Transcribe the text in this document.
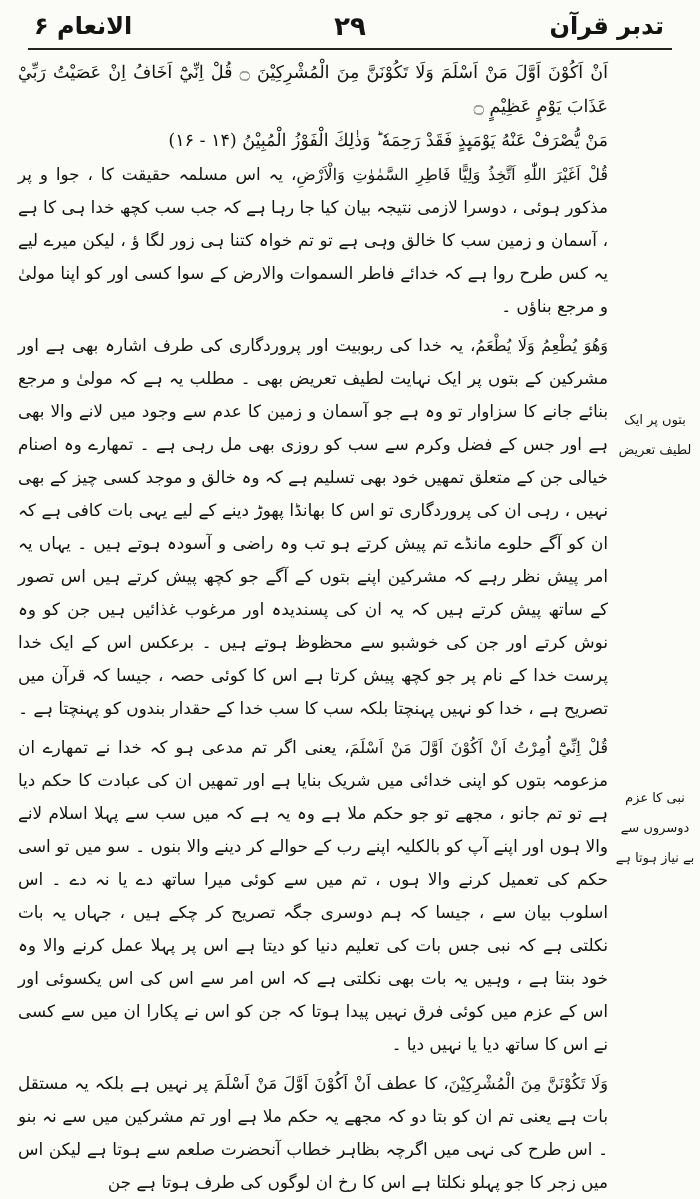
الانعام ۶	۲۹	تدبر قرآن
اَنْ اَكُوْنَ اَوَّلَ مَنْ اَسْلَمَ وَلَا تَكُوْنَنَّ مِنَ الْمُشْرِكِيْنَ ۝ قُلْ اِنِّيْٓ اَخَافُ اِنْ عَصَيْتُ رَبِّيْ عَذَابَ يَوْمٍ عَظِيْمٍ ۝
مَنْ يُّصْرَفْ عَنْهُ يَوْمَىِٕذٍ فَقَدْ رَحِمَهٗ ؕ وَذٰلِكَ الْفَوْزُ الْمُبِيْنُ (۱۴ - ۱۶)

قُلْ اَغَيْرَ اللّٰهِ اَتَّخِذُ وَلِيًّا فَاطِرِ السَّمٰوٰتِ وَالْاَرْضِ، یہ اس مسلمہ حقیقت کا ، جوا و پر مذکور ہوئی ، دوسرا لازمی نتیجہ بیان کیا جا رہا ہے کہ جب سب کچھ خدا ہی کا ہے ، آسمان و زمین سب کا خالق وہی ہے تو تم خواہ کتنا ہی زور لگا ؤ ، لیکن میرے لیے یہ کس طرح روا ہے کہ خدائے فاطر السموات والارض کے سوا کسی اور کو اپنا مولیٰ و مرجع بناؤں ۔

وَهُوَ يُطْعِمُ وَلَا يُطْعَمُ، یہ خدا کی ربوبیت اور پروردگاری کی طرف اشارہ بھی ہے اور مشرکین کے بتوں پر ایک نہایت لطیف تعریض بھی ۔ مطلب یہ ہے کہ مولیٰ و مرجع بنائے جانے کا سزاوار تو وہ ہے جو آسمان و زمین کا عدم سے وجود میں لانے والا بھی ہے اور جس کے فضل وکرم سے سب کو روزی بھی مل رہی ہے ۔ تمھارے وہ اصنام خیالی جن کے متعلق تمھیں خود بھی تسلیم ہے کہ وہ خالق و موجد کسی چیز کے بھی نہیں ، رہی ان کی پروردگاری تو اس کا بھانڈا پھوڑ دینے کے لیے یہی بات کافی ہے کہ ان کو آگے حلوے مانڈے تم پیش کرتے ہو تب وہ راضی و آسودہ ہوتے ہیں ۔ یہاں یہ امر پیش نظر رہے کہ مشرکین اپنے بتوں کے آگے جو کچھ پیش کرتے ہیں اس تصور کے ساتھ پیش کرتے ہیں کہ یہ ان کی پسندیدہ اور مرغوب غذائیں ہیں جن کو وہ نوش کرتے اور جن کی خوشبو سے محظوظ ہوتے ہیں ۔ برعکس اس کے ایک خدا پرست خدا کے نام پر جو کچھ پیش کرتا ہے اس کا کوئی حصہ ، جیسا کہ قرآن میں تصریح ہے ، خدا کو نہیں پہنچتا بلکہ سب کا سب خدا کے حقدار بندوں کو پہنچتا ہے ۔

قُلْ اِنِّيْٓ اُمِرْتُ اَنْ اَكُوْنَ اَوَّلَ مَنْ اَسْلَمَ، یعنی اگر تم مدعی ہو کہ خدا نے تمھارے ان مزعومہ بتوں کو اپنی خدائی میں شریک بنایا ہے اور تمھیں ان کی عبادت کا حکم دیا ہے تو تم جانو ، مجھے تو جو حکم ملا ہے وہ یہ ہے کہ میں سب سے پہلا اسلام لانے والا ہوں اور اپنے آپ کو بالکلیہ اپنے رب کے حوالے کر دینے والا بنوں ۔ سو میں تو اسی حکم کی تعمیل کرنے والا ہوں ، تم میں سے کوئی میرا ساتھ دے یا نہ دے ۔ اس اسلوب بیان سے ، جیسا کہ ہم دوسری جگہ تصریح کر چکے ہیں ، جہاں یہ بات نکلتی ہے کہ نبی جس بات کی تعلیم دنیا کو دیتا ہے اس پر پہلا عمل کرنے والا وہ خود بنتا ہے ، وہیں یہ بات بھی نکلتی ہے کہ اس امر سے اس کی اس یکسوئی اور اس کے عزم میں کوئی فرق نہیں پیدا ہوتا کہ جن کو اس نے پکارا ان میں سے کسی نے اس کا ساتھ دیا یا نہیں دیا ۔

وَلَا تَكُوْنَنَّ مِنَ الْمُشْرِكِيْنَ، کا عطف اَنْ اَكُوْنَ اَوَّلَ مَنْ اَسْلَمَ پر نہیں ہے بلکہ یہ مستقل بات ہے یعنی تم ان کو بتا دو کہ مجھے یہ حکم ملا ہے اور تم مشرکین میں سے نہ بنو ۔ اس طرح کی نہی میں اگرچہ بظاہر خطاب آنحضرت صلعم سے ہوتا ہے لیکن اس میں زجر کا جو پہلو نکلتا ہے اس کا رخ ان لوگوں کی طرف ہوتا ہے جن

بتوں پر ایک لطیف تعریض
نبی کا عزم دوسروں سے بے نیاز ہوتا ہے
